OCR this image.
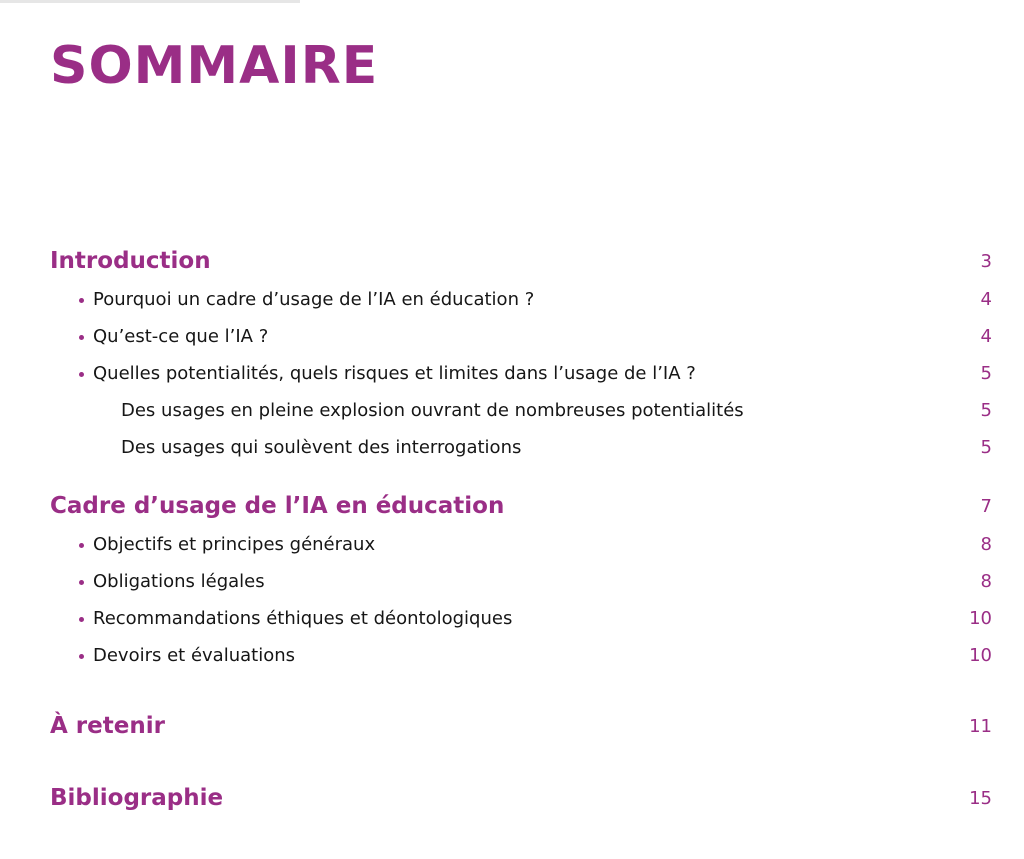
SOMMAIRE
Introduction	3
Pourquoi un cadre d’usage de l’IA en éducation ?	4
Qu’est-ce que l’IA ?	4
Quelles potentialités, quels risques et limites dans l’usage de l’IA ?	5
Des usages en pleine explosion ouvrant de nombreuses potentialités	5
Des usages qui soulèvent des interrogations	5
Cadre d’usage de l’IA en éducation	7
Objectifs et principes généraux	8
Obligations légales	8
Recommandations éthiques et déontologiques	10
Devoirs et évaluations	10
À retenir	11
Bibliographie	15
